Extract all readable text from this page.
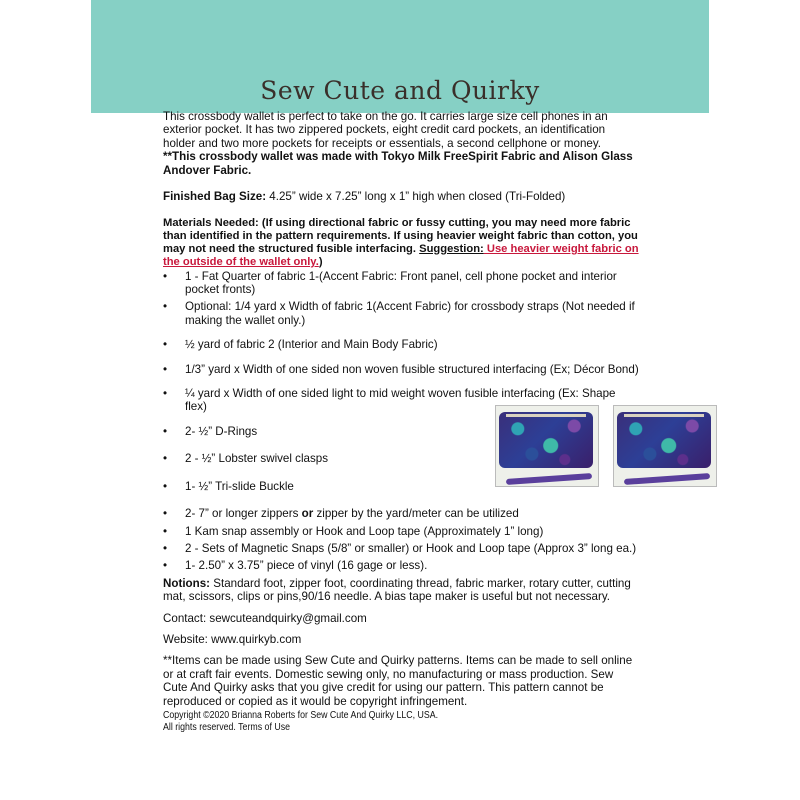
Sew Cute and Quirky

This crossbody wallet is perfect to take on the go. It carries large size cell phones in an exterior pocket. It has two zippered pockets, eight credit card pockets, an identification holder and two more pockets for receipts or essentials, a second cellphone or money.
**This crossbody wallet was made with Tokyo Milk FreeSpirit Fabric and Alison Glass Andover Fabric.

Finished Bag Size: 4.25” wide x 7.25” long x 1” high when closed (Tri-Folded)

Materials Needed: (If using directional fabric or fussy cutting, you may need more fabric than identified in the pattern requirements. If using heavier weight fabric than cotton, you may not need the structured fusible interfacing. Suggestion: Use heavier weight fabric on the outside of the wallet only.)

• 1 - Fat Quarter of fabric 1-(Accent Fabric: Front panel, cell phone pocket and interior pocket fronts)
• Optional: 1/4 yard x Width of fabric 1(Accent Fabric) for crossbody straps (Not needed if making the wallet only.)
• ½ yard of fabric 2 (Interior and Main Body Fabric)
• 1/3” yard x Width of one sided non woven fusible structured interfacing (Ex; Décor Bond)
• ¼ yard x Width of one sided light to mid weight woven fusible interfacing (Ex: Shape flex)
• 2- ½” D-Rings
• 2 - ½” Lobster swivel clasps
• 1- ½” Tri-slide Buckle
• 2- 7” or longer zippers or zipper by the yard/meter can be utilized
• 1 Kam snap assembly or Hook and Loop tape (Approximately 1” long)
• 2 - Sets of Magnetic Snaps (5/8” or smaller) or Hook and Loop tape (Approx 3” long ea.)
• 1- 2.50” x 3.75” piece of vinyl (16 gage or less).

Notions: Standard foot, zipper foot, coordinating thread, fabric marker, rotary cutter, cutting mat, scissors, clips or pins,90/16 needle. A bias tape maker is useful but not necessary.

Contact: sewcuteandquirky@gmail.com

Website: www.quirkyb.com

**Items can be made using Sew Cute and Quirky patterns. Items can be made to sell online or at craft fair events. Domestic sewing only, no manufacturing or mass production. Sew Cute And Quirky asks that you give credit for using our pattern. This pattern cannot be reproduced or copied as it would be copyright infringement.

Copyright ©2020 Brianna Roberts for Sew Cute And Quirky LLC, USA.
All rights reserved. Terms of Use
